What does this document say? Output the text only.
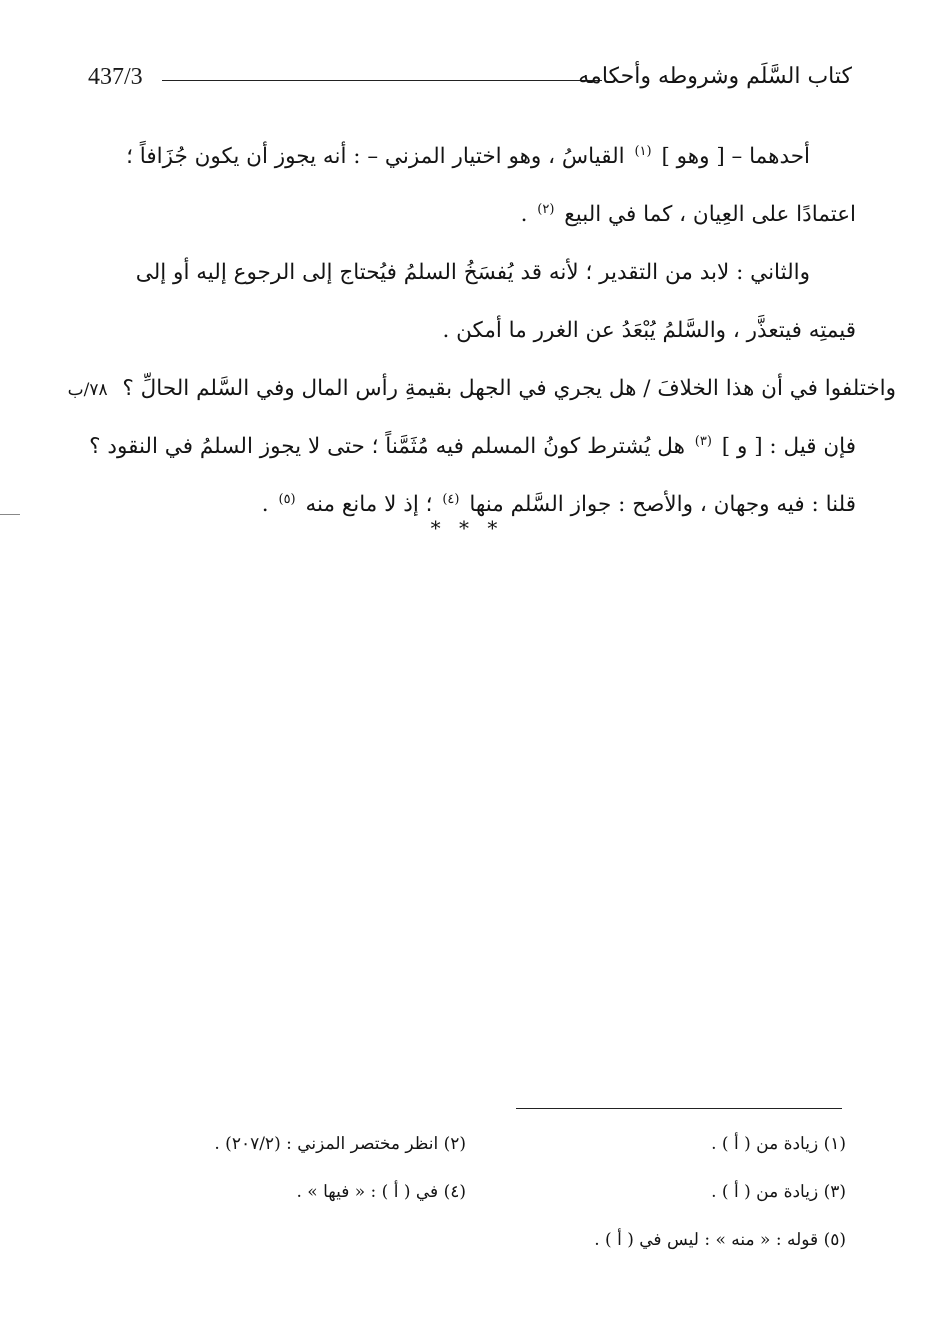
437/3	كتاب السَّلَم وشروطه وأحكامه
أحدهما – [ وهو ] $^{(١)}$ القياسُ ، وهو اختيار المزني – : أنه يجوز أن يكون جُزَافاً ؛
اعتمادًا على العِيان ، كما في البيع $^{(٢)}$ .
والثاني : لابد من التقدير ؛ لأنه قد يُفسَخُ السلمُ فيُحتاج إلى الرجوع إليه أو إلى
قيمتِه فيتعذَّر ، والسَّلمُ يُبْعَدُ عن الغرر ما أمكن .
واختلفوا في أن هذا الخلافَ / هل يجري في الجهل بقيمةِ رأس المال وفي السَّلم الحالِّ ؟ ٧٨/ب
فإن قيل : [ و ] $^{(٣)}$ هل يُشترط كونُ المسلم فيه مُثَمَّناً ؛ حتى لا يجوز السلمُ في النقود ؟
قلنا : فيه وجهان ، والأصح : جواز السَّلم منها $^{(٤)}$ ؛ إذ لا مانع منه $^{(٥)}$ .
* * *
(١) زيادة من ( أ ) .
(٢) انظر مختصر المزني : (٢٠٧/٢) .
(٣) زيادة من ( أ ) .
(٤) في ( أ ) : « فيها » .
(٥) قوله : « منه » : ليس في ( أ ) .
